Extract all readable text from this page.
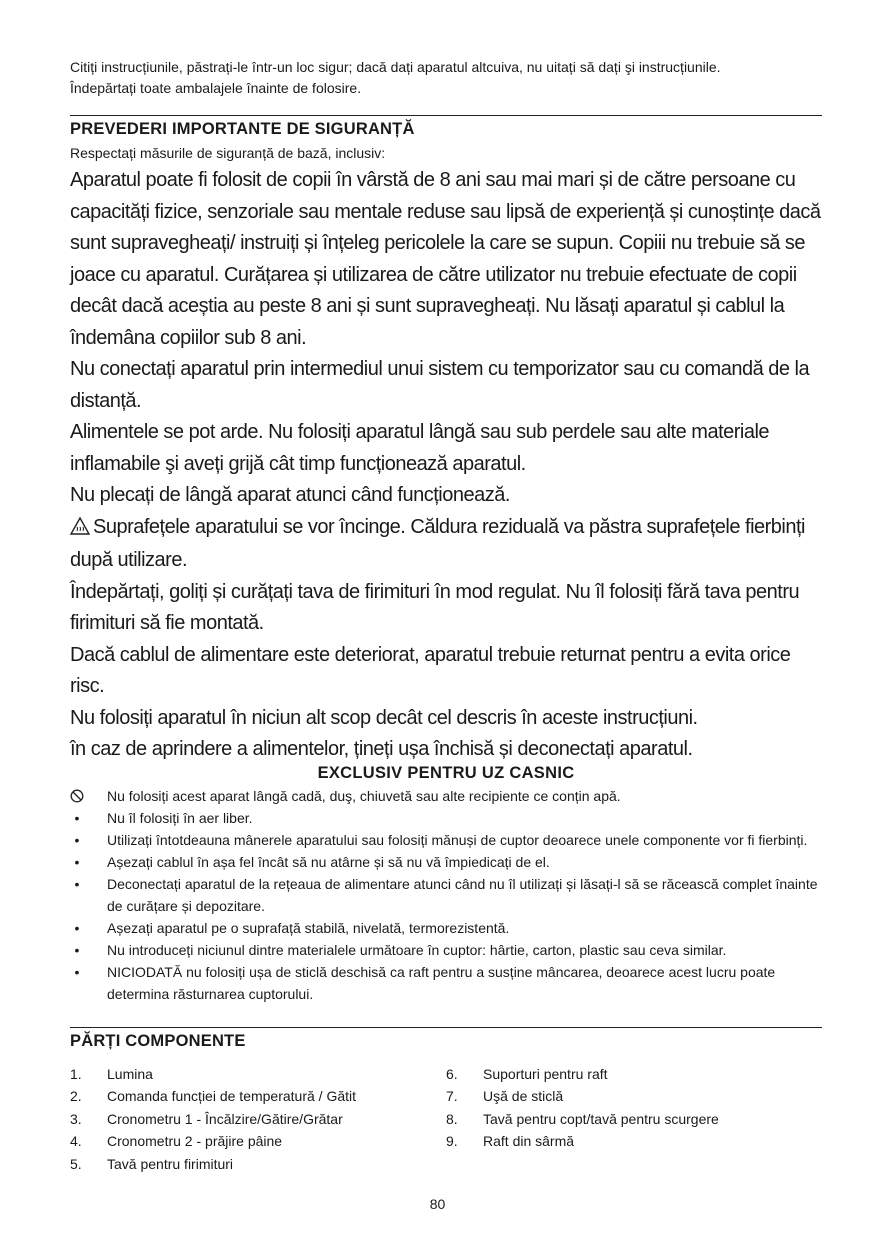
Citiți instrucțiunile, păstrați-le într-un loc sigur; dacă dați aparatul altcuiva, nu uitați să dați şi instrucțiunile.
Îndepărtați toate ambalajele înainte de folosire.
PREVEDERI IMPORTANTE DE SIGURANȚĂ
Respectați măsurile de siguranță de bază, inclusiv:

Aparatul poate fi folosit de copii în vârstă de 8 ani sau mai mari și de către persoane cu capacități fizice, senzoriale sau mentale reduse sau lipsă de experiență și cunoștințe dacă sunt supravegheați/ instruiți și înțeleg pericolele la care se supun. Copiii nu trebuie să se joace cu aparatul. Curățarea și utilizarea de către utilizator nu trebuie efectuate de copii decât dacă aceștia au peste 8 ani și sunt supravegheați. Nu lăsați aparatul și cablul la îndemâna copiilor sub 8 ani.

Nu conectați aparatul prin intermediul unui sistem cu temporizator sau cu comandă de la distanță.

Alimentele se pot arde. Nu folosiți aparatul lângă sau sub perdele sau alte materiale inflamabile şi aveți grijă cât timp funcționează aparatul.

Nu plecați de lângă aparat atunci când funcționează.

Suprafețele aparatului se vor încinge. Căldura reziduală va păstra suprafețele fierbinți după utilizare.

Îndepărtați, goliți și curățați tava de firimituri în mod regulat. Nu îl folosiți fără tava pentru firimituri să fie montată.

Dacă cablul de alimentare este deteriorat, aparatul trebuie returnat pentru a evita orice risc.

Nu folosiți aparatul în niciun alt scop decât cel descris în aceste instrucțiuni.

în caz de aprindere a alimentelor, țineți ușa închisă și deconectați aparatul.

EXCLUSIV PENTRU UZ CASNIC
Nu folosiți acest aparat lângă cadă, duş, chiuvetă sau alte recipiente ce conțin apă.
•	Nu îl folosiți în aer liber.
•	Utilizați întotdeauna mânerele aparatului sau folosiți mănuși de cuptor deoarece unele componente vor fi fierbinți.
•	Așezați cablul în așa fel încât să nu atârne și să nu vă împiedicați de el.
•	Deconectați aparatul de la rețeaua de alimentare atunci când nu îl utilizați și lăsați-l să se răcească complet înainte de curățare și depozitare.
•	Așezați aparatul pe o suprafață stabilă, nivelată, termorezistentă.
•	Nu introduceți niciunul dintre materialele următoare în cuptor: hârtie, carton, plastic sau ceva similar.
•	NICIODATĂ nu folosiți ușa de sticlă deschisă ca raft pentru a susține mâncarea, deoarece acest lucru poate determina răsturnarea cuptorului.
PĂRȚI COMPONENTE
1.	Lumina
2.	Comanda funcției de temperatură / Gătit
3.	Cronometru 1 - Încălzire/Gătire/Grătar
4.	Cronometru 2 - prăjire pâine
5.	Tavă pentru firimituri
6.	Suporturi pentru raft
7.	Uşă de sticlă
8.	Tavă pentru copt/tavă pentru scurgere
9.	Raft din sârmă
80
